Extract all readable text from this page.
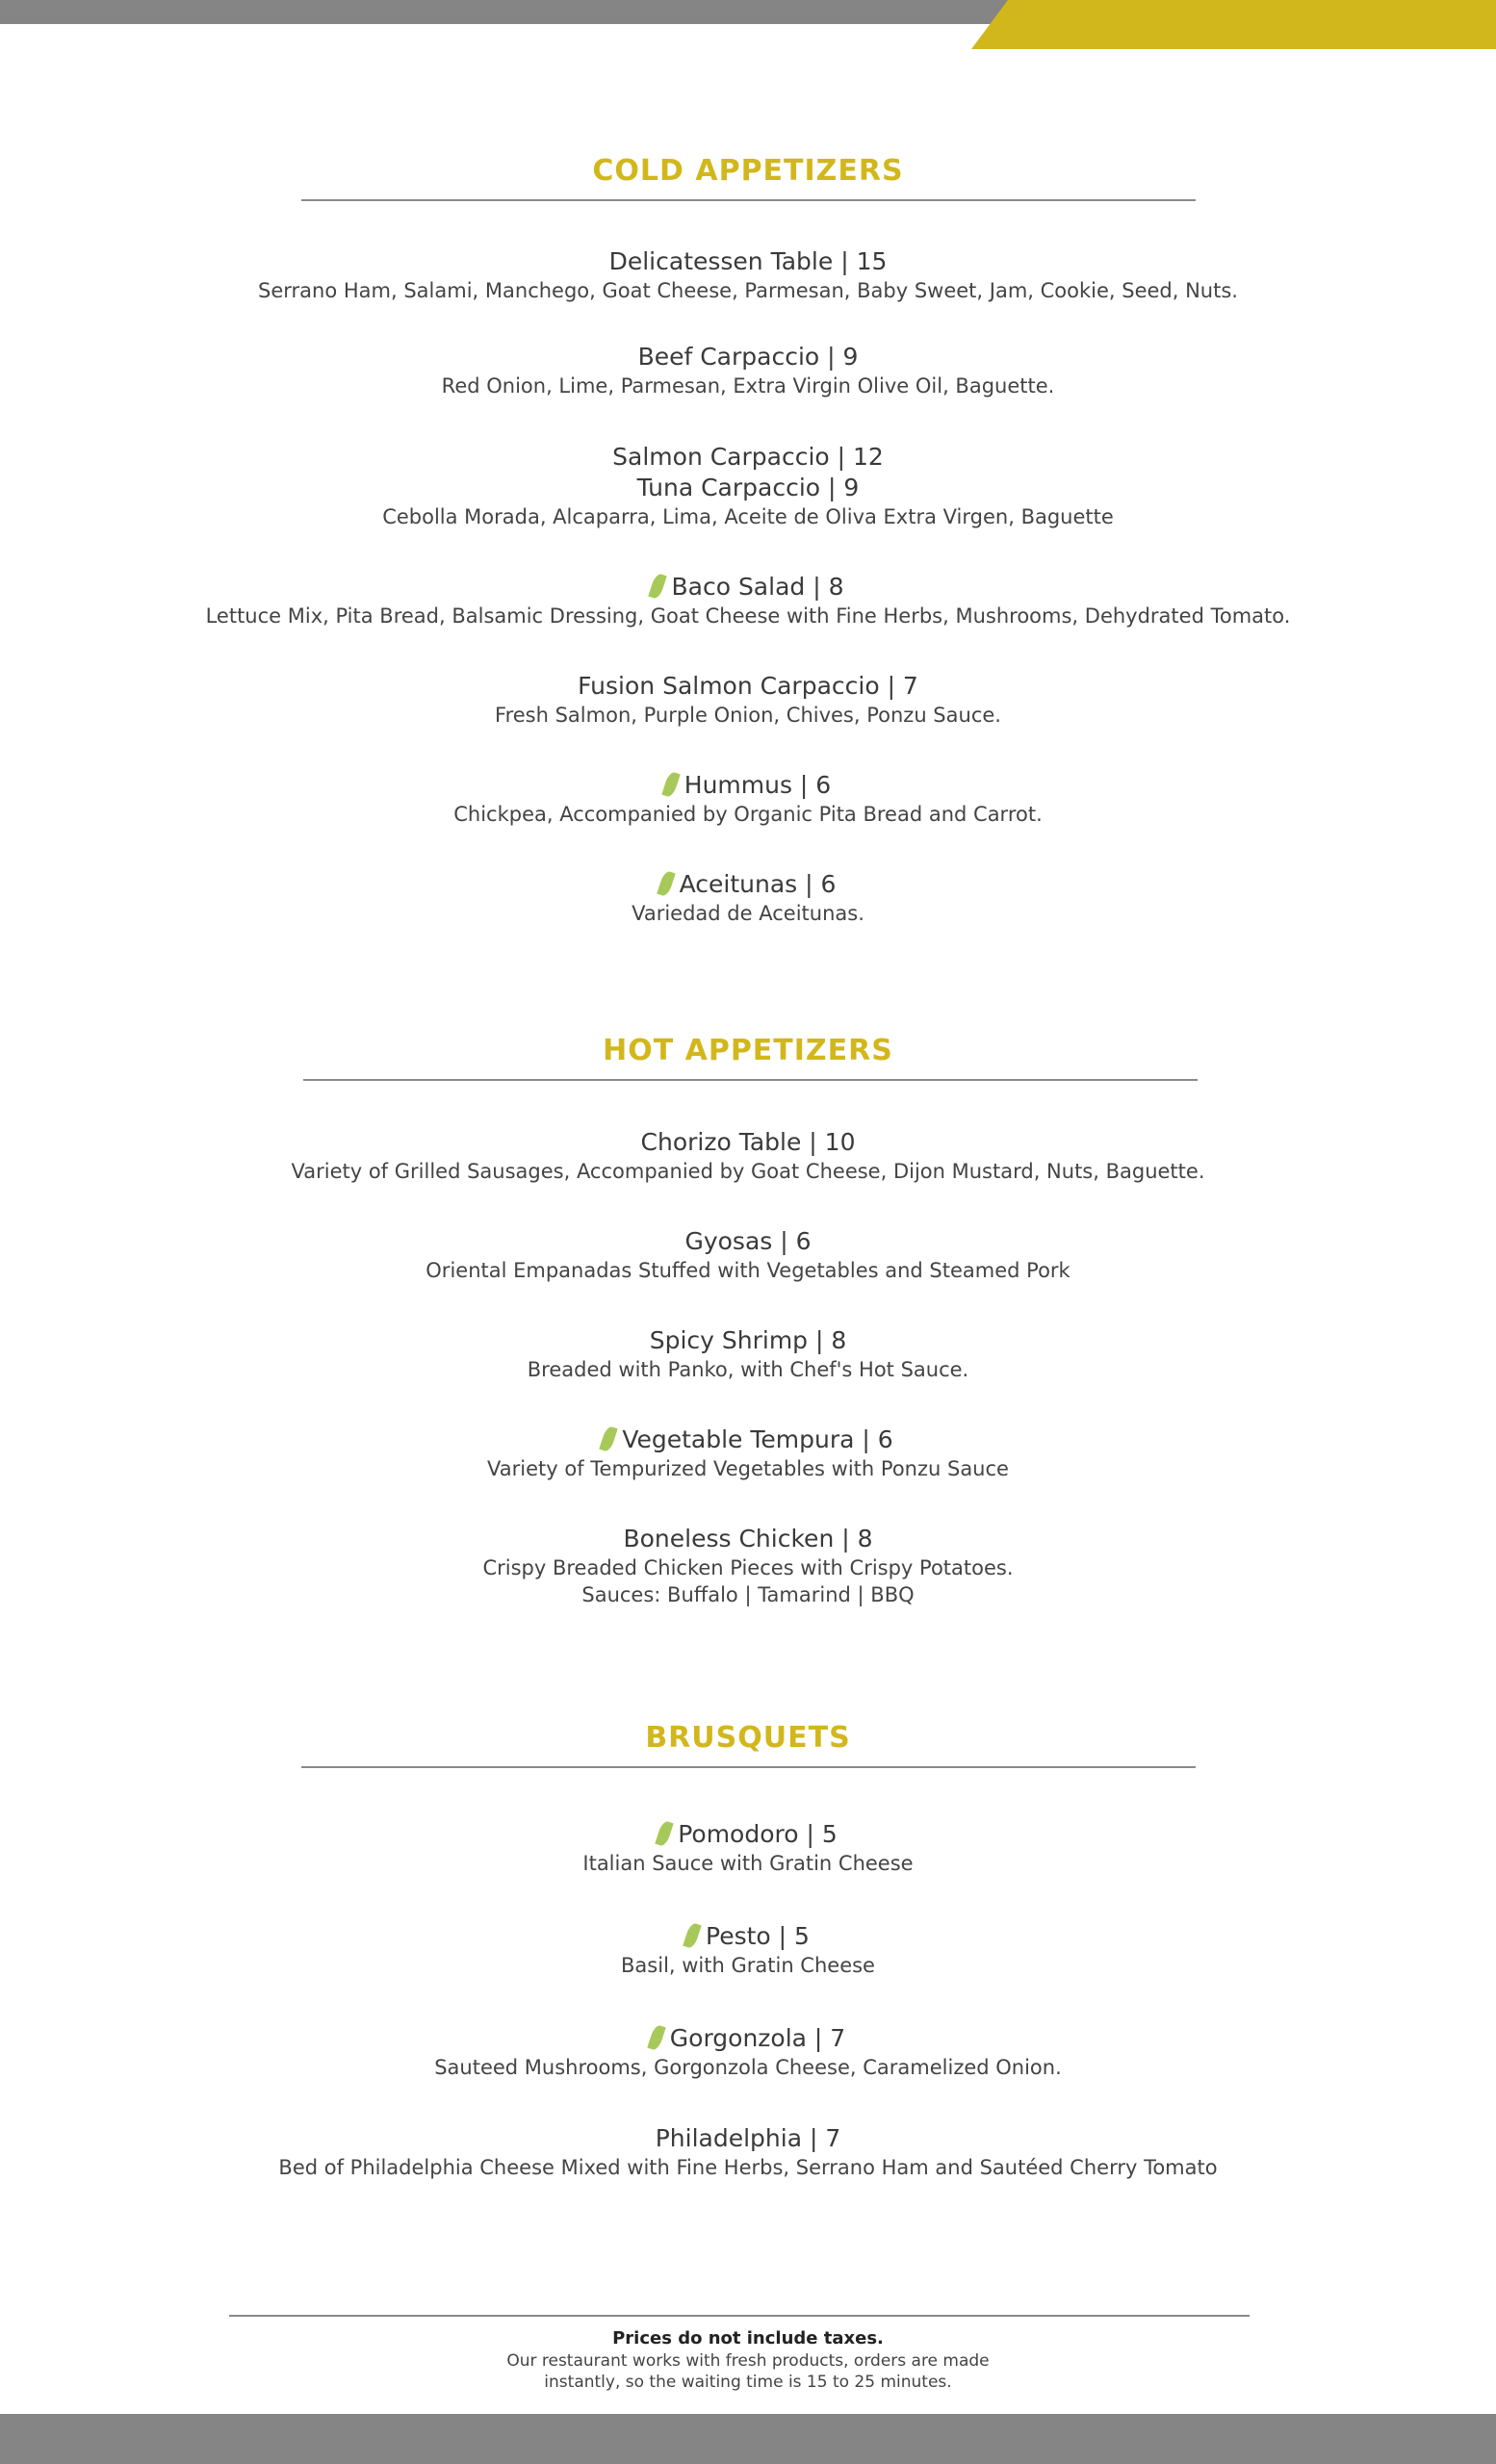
COLD APPETIZERS
Delicatessen Table | 15
Serrano Ham, Salami, Manchego, Goat Cheese, Parmesan, Baby Sweet, Jam, Cookie, Seed, Nuts.
Beef Carpaccio | 9
Red Onion, Lime, Parmesan, Extra Virgin Olive Oil, Baguette.
Salmon Carpaccio | 12
Tuna Carpaccio | 9
Cebolla Morada, Alcaparra, Lima, Aceite de Oliva Extra Virgen, Baguette
Baco Salad | 8
Lettuce Mix, Pita Bread, Balsamic Dressing, Goat Cheese with Fine Herbs, Mushrooms, Dehydrated Tomato.
Fusion Salmon Carpaccio | 7
Fresh Salmon, Purple Onion, Chives, Ponzu Sauce.
Hummus | 6
Chickpea, Accompanied by Organic Pita Bread and Carrot.
Aceitunas | 6
Variedad de Aceitunas.
HOT APPETIZERS
Chorizo Table | 10
Variety of Grilled Sausages, Accompanied by Goat Cheese, Dijon Mustard, Nuts, Baguette.
Gyosas | 6
Oriental Empanadas Stuffed with Vegetables and Steamed Pork
Spicy Shrimp | 8
Breaded with Panko, with Chef's Hot Sauce.
Vegetable Tempura | 6
Variety of Tempurized Vegetables with Ponzu Sauce
Boneless Chicken | 8
Crispy Breaded Chicken Pieces with Crispy Potatoes.
Sauces: Buffalo | Tamarind | BBQ
BRUSQUETS
Pomodoro | 5
Italian Sauce with Gratin Cheese
Pesto | 5
Basil, with Gratin Cheese
Gorgonzola | 7
Sauteed Mushrooms, Gorgonzola Cheese, Caramelized Onion.
Philadelphia | 7
Bed of Philadelphia Cheese Mixed with Fine Herbs, Serrano Ham and Sautéed Cherry Tomato
Prices do not include taxes.
Our restaurant works with fresh products, orders are made
instantly, so the waiting time is 15 to 25 minutes.
